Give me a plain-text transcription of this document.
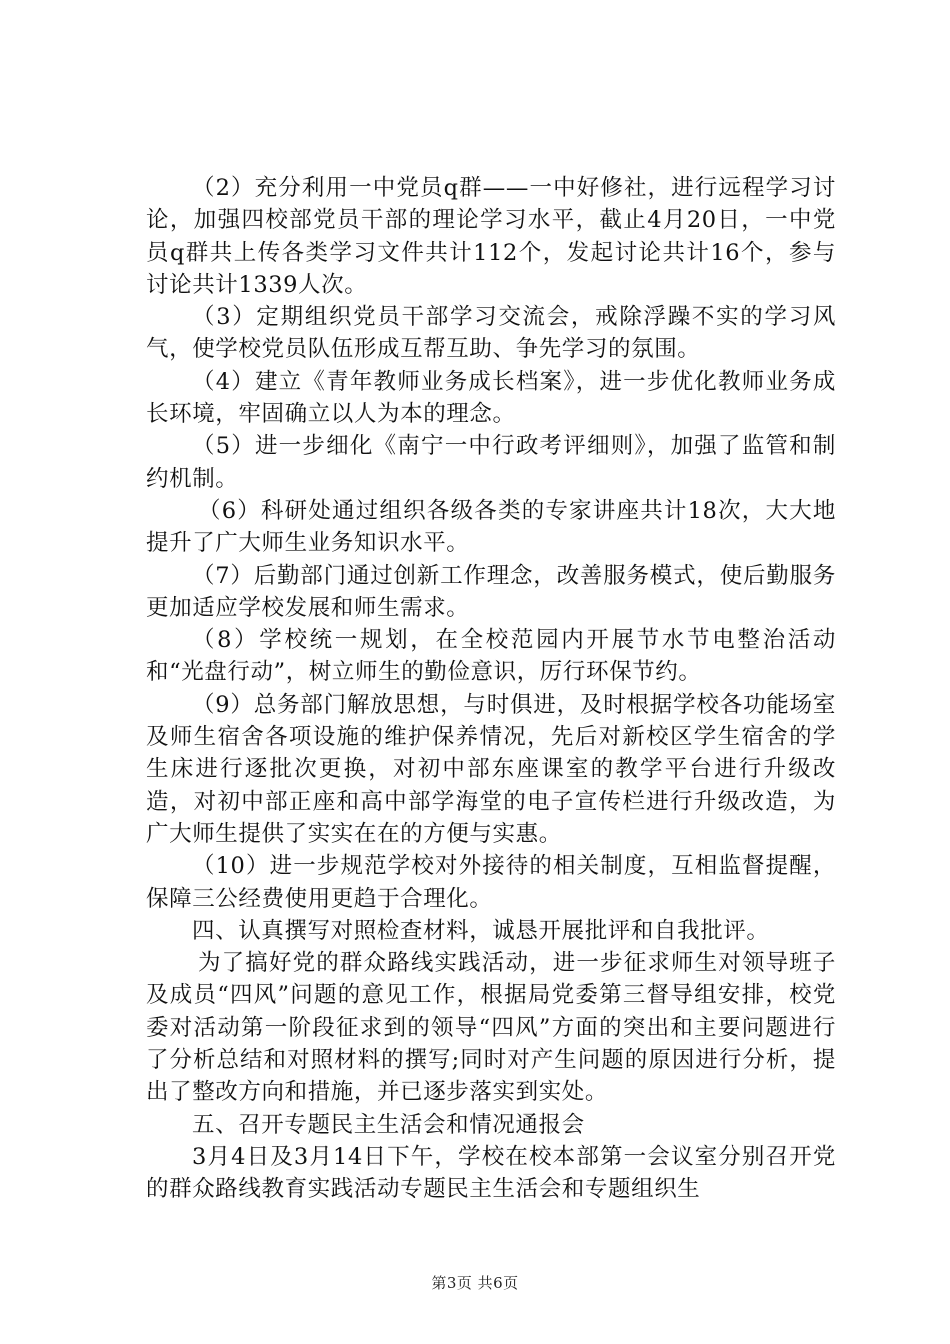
（2）充分利用一中党员q群——一中好修社，进行远程学习讨论，加强四校部党员干部的理论学习水平，截止4月20日，一中党员q群共上传各类学习文件共计112个，发起讨论共计16个，参与讨论共计1339人次。

（3）定期组织党员干部学习交流会，戒除浮躁不实的学习风气，使学校党员队伍形成互帮互助、争先学习的氛围。

（4）建立《青年教师业务成长档案》，进一步优化教师业务成长环境，牢固确立以人为本的理念。

（5）进一步细化《南宁一中行政考评细则》，加强了监管和制约机制。

（6）科研处通过组织各级各类的专家讲座共计18次，大大地提升了广大师生业务知识水平。

（7）后勤部门通过创新工作理念，改善服务模式，使后勤服务更加适应学校发展和师生需求。

（8）学校统一规划，在全校范园内开展节水节电整治活动和“光盘行动”，树立师生的勤俭意识，厉行环保节约。

（9）总务部门解放思想，与时俱进，及时根据学校各功能场室及师生宿舍各项设施的维护保养情况，先后对新校区学生宿舍的学生床进行逐批次更换，对初中部东座课室的教学平台进行升级改造，对初中部正座和高中部学海堂的电子宣传栏进行升级改造，为广大师生提供了实实在在的方便与实惠。

（10）进一步规范学校对外接待的相关制度，互相监督提醒，保障三公经费使用更趋于合理化。

四、认真撰写对照检查材料，诚恳开展批评和自我批评。

为了搞好党的群众路线实践活动，进一步征求师生对领导班子及成员“四风”问题的意见工作，根据局党委第三督导组安排，校党委对活动第一阶段征求到的领导“四风”方面的突出和主要问题进行了分析总结和对照材料的撰写;同时对产生问题的原因进行分析，提出了整改方向和措施，并已逐步落实到实处。

五、召开专题民主生活会和情况通报会

3月4日及3月14日下午，学校在校本部第一会议室分别召开党的群众路线教育实践活动专题民主生活会和专题组织生

第3页 共6页
